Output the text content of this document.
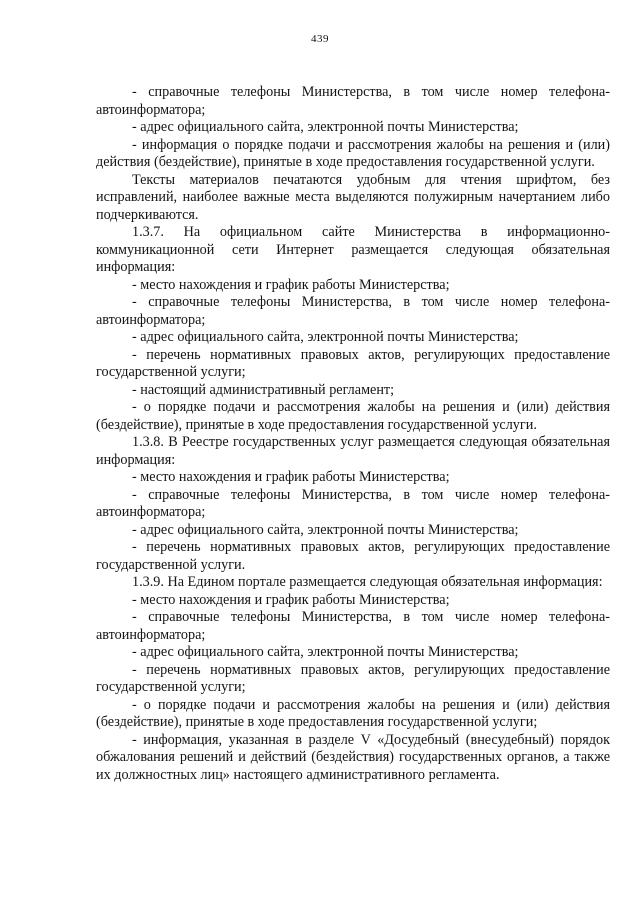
439

- справочные телефоны Министерства, в том числе номер телефона-автоинформатора;

- адрес официального сайта, электронной почты Министерства;

- информация о порядке подачи и рассмотрения жалобы на решения и (или) действия (бездействие), принятые в ходе предоставления государственной услуги.

Тексты материалов печатаются удобным для чтения шрифтом, без исправлений, наиболее важные места выделяются полужирным начертанием либо подчеркиваются.

1.3.7. На официальном сайте Министерства в информационно-коммуникационной сети Интернет размещается следующая обязательная информация:

- место нахождения и график работы Министерства;

- справочные телефоны Министерства, в том числе номер телефона-автоинформатора;

- адрес официального сайта, электронной почты Министерства;

- перечень нормативных правовых актов, регулирующих предоставление государственной услуги;

- настоящий административный регламент;

- о порядке подачи и рассмотрения жалобы на решения и (или) действия (бездействие), принятые в ходе предоставления государственной услуги.

1.3.8. В Реестре государственных услуг размещается следующая обязательная информация:

- место нахождения и график работы Министерства;

- справочные телефоны Министерства, в том числе номер телефона-автоинформатора;

- адрес официального сайта, электронной почты Министерства;

- перечень нормативных правовых актов, регулирующих предоставление государственной услуги.

1.3.9. На Едином портале размещается следующая обязательная информация:

- место нахождения и график работы Министерства;

- справочные телефоны Министерства, в том числе номер телефона-автоинформатора;

- адрес официального сайта, электронной почты Министерства;

- перечень нормативных правовых актов, регулирующих предоставление государственной услуги;

- о порядке подачи и рассмотрения жалобы на решения и (или) действия (бездействие), принятые в ходе предоставления государственной услуги;

- информация, указанная в разделе V «Досудебный (внесудебный) порядок обжалования решений и действий (бездействия) государственных органов, а также их должностных лиц» настоящего административного регламента.
